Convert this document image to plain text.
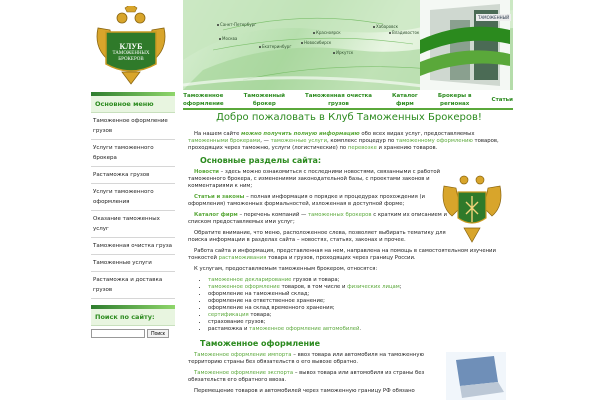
КЛУБ
ТАМОЖЕННЫХ
БРОКЕРОВ
Санкт-Петербург
Москва
Екатеринбург
Новосибирск
Владивосток
Хабаровск
Иркутск
Красноярск
ТАМОЖЕННЫЙ
Таможенное
оформление
Таможенный
брокер
Таможенная очистка
грузов
Каталог
фирм
Брокеры в
регионах
Статьи
Основное меню
Таможенное оформление грузов
Услуги таможенного брокера
Растаможка грузов
Услуги таможенного оформления
Оказание таможенных услуг
Таможенная очистка груза
Таможенные услуги
Растаможка и доставка грузов
Поиск по сайту:
Поиск
Добро пожаловать в Клуб Таможенных Брокеров!

На нашем сайте можно получить полную информацию обо всех видах услуг, предоставляемых таможенными брокерами, — таможенные услуги, комплекс процедур по таможенному оформлению товаров, проходящих через таможню, услуги (логистические) по перевозке и хранению товаров.

Основные разделы сайта:

Новости – здесь можно ознакомиться с последними новостями, связанными с работой таможенного брокера, с изменениями законодательной базы, с проектами законов и комментариями к ним;

Статьи и законы – полная информация о порядке и процедурах прохождения (и оформления) таможенных формальностей, изложенная в доступной форме;

Каталог фирм – перечень компаний — таможенных брокеров с кратким их описанием и списком предоставляемых ими услуг;

Обратите внимание, что меню, расположенное слева, позволяет выбирать тематику для поиска информации в разделах сайта – новостях, статьях, законах и прочее.

Работа сайта и информация, представленная на нем, направлена на помощь в самостоятельном изучении тонкостей растаможивания товара и грузов, проходящих через границу России.

К услугам, предоставляемым таможенным брокером, относятся:

• таможенное декларирование грузов и товара;
• таможенное оформление товаров, в том числе и физических лицам;
• оформление на таможенный склад;
• оформление на ответственное хранение;
• оформление на склад временного хранения;
• сертификация товара;
• страхование грузов;
• растаможка и таможенное оформление автомобилей.
Таможенное оформление

Таможенное оформление импорта – ввоз товара или автомобиля на таможенную территорию страны без обязательств о его вывозе обратно.

Таможенное оформление экспорта – вывоз товара или автомобиля из страны без обязательств его обратного ввоза.

Перемещение товаров и автомобилей через таможенную границу РФ обязано
